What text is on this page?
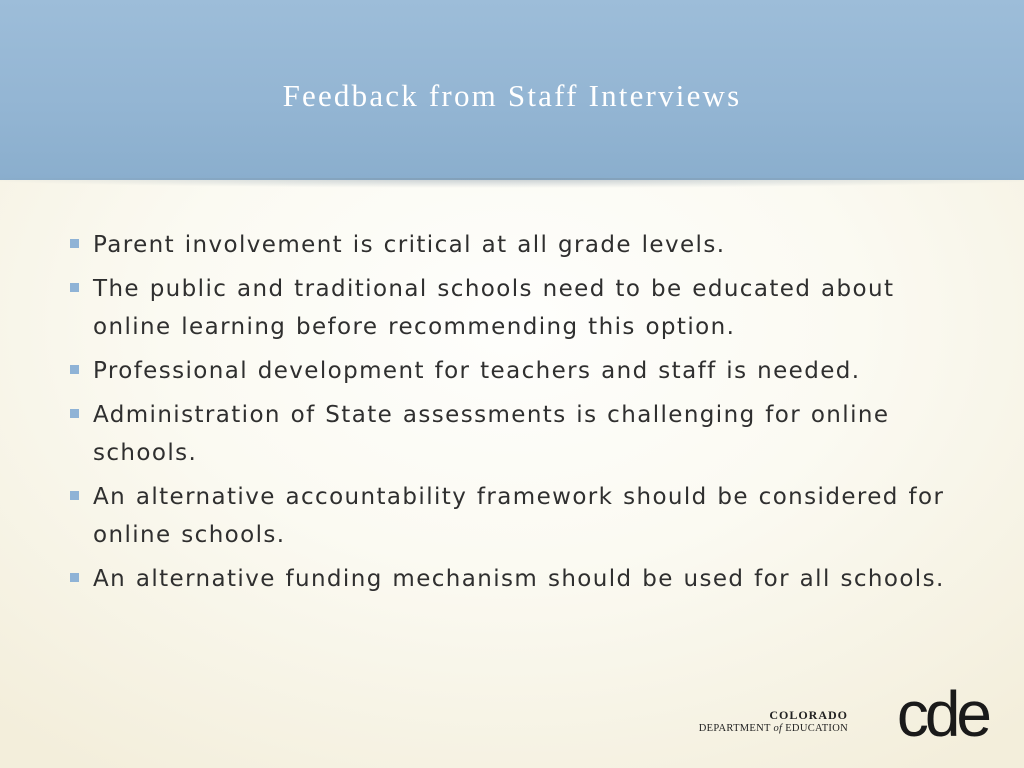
Feedback from Staff Interviews
Parent involvement is critical at all grade levels.
The public and traditional schools need to be educated about online learning before recommending this option.
Professional development for teachers and staff is needed.
Administration of State assessments is challenging for online schools.
An alternative accountability framework should be considered for online schools.
An alternative funding mechanism should be used for all schools.
COLORADO
DEPARTMENT of EDUCATION cde
